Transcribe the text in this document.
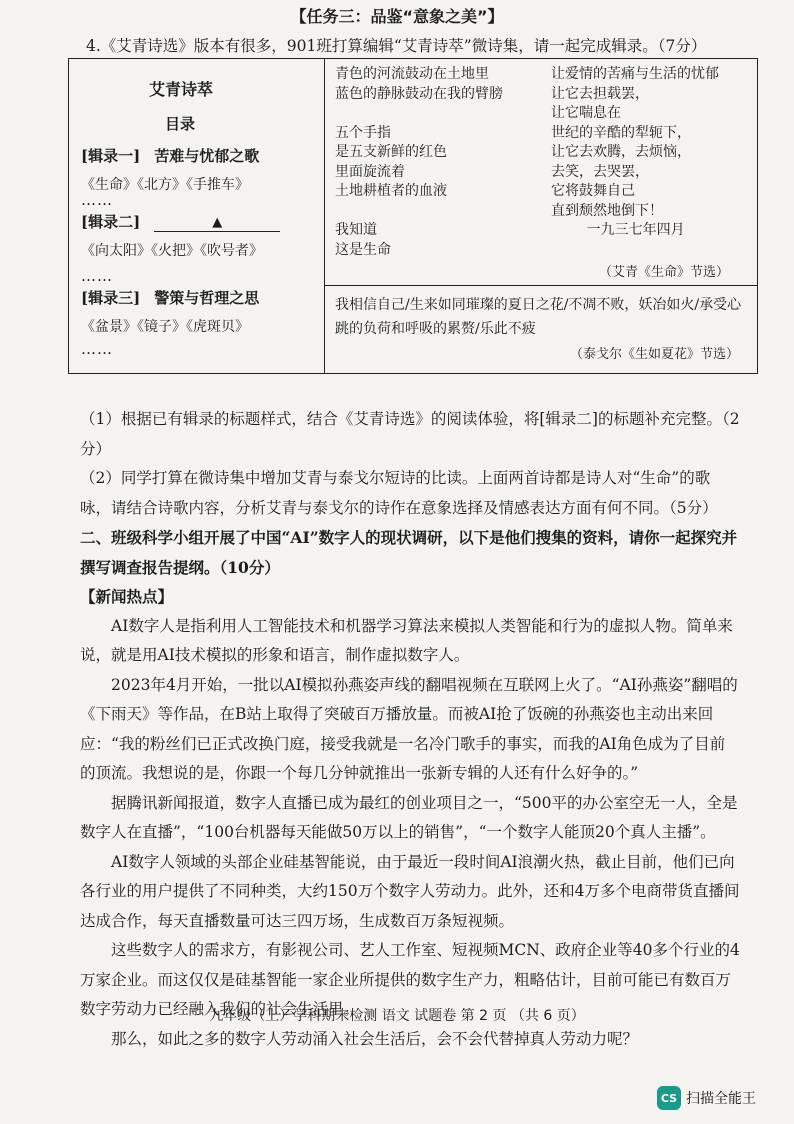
【任务三：品鉴“意象之美”】
4.《艾青诗选》版本有很多，901班打算编辑“艾青诗萃”微诗集，请一起完成辑录。（7分）
艾青诗萃
目录
[辑录一] 苦难与忧郁之歌
《生命》《北方》《手推车》
……
[辑录二]	▲
《向太阳》《火把》《吹号者》
……
[辑录三] 警策与哲理之思
《盆景》《镜子》《虎斑贝》
……
青色的河流鼓动在土地里
蓝色的静脉鼓动在我的臂膀

五个手指
是五支新鲜的红色
里面旋流着
土地耕植者的血液

我知道
这是生命
让爱情的苦痛与生活的忧郁
让它去担载罢，
让它喘息在
世纪的辛酷的犁轭下，
让它去欢腾，去烦恼，
去笑，去哭罢，
它将鼓舞自己
直到颓然地倒下！
一九三七年四月
（艾青《生命》节选）
我相信自己/生来如同璀璨的夏日之花/不凋不败，妖冶如火/承受心跳的负荷和呼吸的累赘/乐此不疲
（泰戈尔《生如夏花》节选）

（1）根据已有辑录的标题样式，结合《艾青诗选》的阅读体验，将[辑录二]的标题补充完整。（2分）

（2）同学打算在微诗集中增加艾青与泰戈尔短诗的比读。上面两首诗都是诗人对“生命”的歌咏，请结合诗歌内容，分析艾青与泰戈尔的诗作在意象选择及情感表达方面有何不同。（5分）

二、班级科学小组开展了中国“AI”数字人的现状调研，以下是他们搜集的资料，请你一起探究并撰写调查报告提纲。（10分）

【新闻热点】

AI数字人是指利用人工智能技术和机器学习算法来模拟人类智能和行为的虚拟人物。简单来说，就是用AI技术模拟的形象和语言，制作虚拟数字人。

2023年4月开始，一批以AI模拟孙燕姿声线的翻唱视频在互联网上火了。“AI孙燕姿”翻唱的《下雨天》等作品，在B站上取得了突破百万播放量。而被AI抢了饭碗的孙燕姿也主动出来回应：“我的粉丝们已正式改换门庭，接受我就是一名冷门歌手的事实，而我的AI角色成为了目前的顶流。我想说的是，你跟一个每几分钟就推出一张新专辑的人还有什么好争的。”

据腾讯新闻报道，数字人直播已成为最红的创业项目之一，“500平的办公室空无一人，全是数字人在直播”，“100台机器每天能做50万以上的销售”，“一个数字人能顶20个真人主播”。

AI数字人领域的头部企业硅基智能说，由于最近一段时间AI浪潮火热，截止目前，他们已向各行业的用户提供了不同种类，大约150万个数字人劳动力。此外，还和4万多个电商带货直播间达成合作，每天直播数量可达三四万场，生成数百万条短视频。

这些数字人的需求方，有影视公司、艺人工作室、短视频MCN、政府企业等40多个行业的4万家企业。而这仅仅是硅基智能一家企业所提供的数字生产力，粗略估计，目前可能已有数百万数字劳动力已经融入我们的社会生活里。

那么，如此之多的数字人劳动涌入社会生活后，会不会代替掉真人劳动力呢？

九年级（上）学科期末检测 语文 试题卷 第 2 页 （共 6 页）
CS 扫描全能王
